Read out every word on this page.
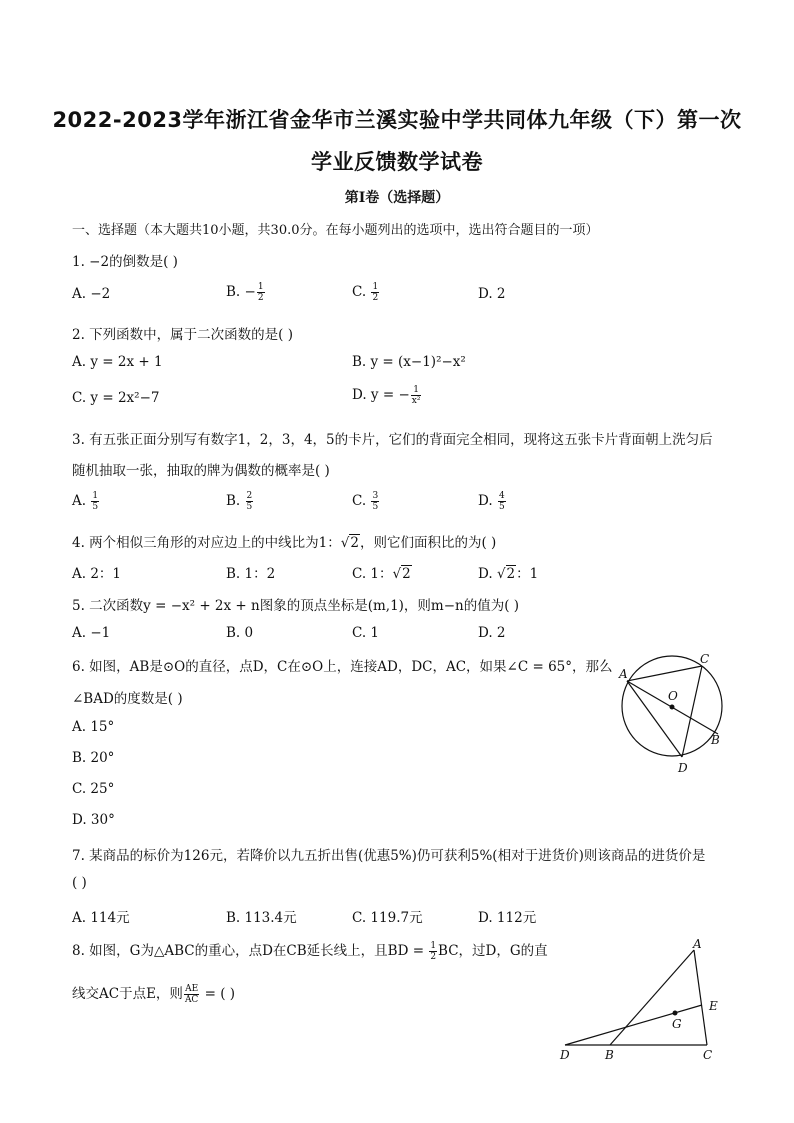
2022-2023学年浙江省金华市兰溪实验中学共同体九年级（下）第一次
学业反馈数学试卷
第I卷（选择题）
一、选择题（本大题共10小题，共30.0分。在每小题列出的选项中，选出符合题目的一项）
1. −2的倒数是( )
A. −2	B. − $\frac{1}{2}$	C. $\frac{1}{2}$	D. 2
2. 下列函数中，属于二次函数的是( )
A. y = 2x + 1	B. y = (x−1)²−x²
C. y = 2x²−7	D. y = − $\frac{1}{\text{x²}}$
3. 有五张正面分别写有数字1，2，3，4，5的卡片，它们的背面完全相同，现将这五张卡片背面朝上洗匀后
随机抽取一张，抽取的牌为偶数的概率是( )
A. $\frac{1}{5}$	B. $\frac{2}{5}$	C. $\frac{3}{5}$	D. $\frac{4}{5}$
4. 两个相似三角形的对应边上的中线比为1：√2，则它们面积比的为( )
A. 2：1	B. 1：2	C. 1：√2	D. √2：1
5. 二次函数y = −x² + 2x + n图象的顶点坐标是(m,1)，则m−n的值为( )
A. −1	B. 0	C. 1	D. 2
6. 如图，AB是⊙O的直径，点D，C在⊙O上，连接AD，DC，AC，如果∠C = 65°，那么
∠BAD的度数是( )
A. 15°
B. 20°
C. 25°
D. 30°
A
C
O
B
D
7. 某商品的标价为126元，若降价以九五折出售(优惠5%)仍可获利5%(相对于进货价)则该商品的进货价是
( )
A. 114元	B. 113.4元	C. 119.7元	D. 112元
8. 如图，G为△ABC的重心，点D在CB延长线上，且BD = $\frac{1}{2}$ BC，过D，G的直
线交AC于点E，则 $\frac{AE}{AC}$ = ( )
A
E
G
D	B	C
